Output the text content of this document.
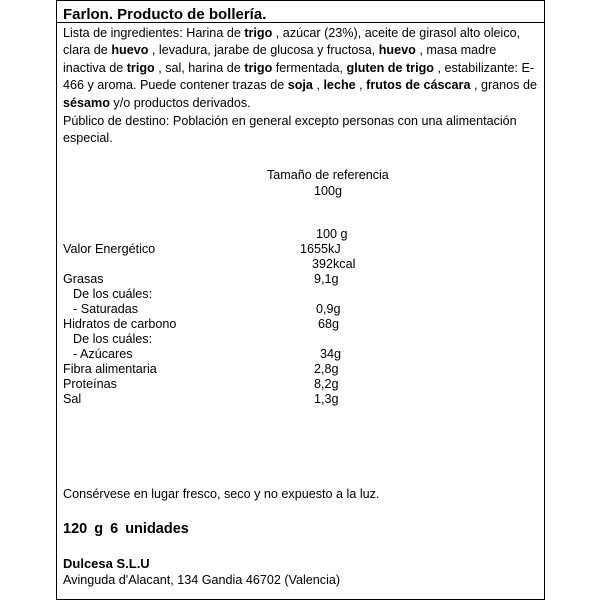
Farlon. Producto de bollería.
Lista de ingredientes: Harina de trigo , azúcar (23%), aceite de girasol alto oleico, clara de huevo , levadura, jarabe de glucosa y fructosa, huevo , masa madre inactiva de trigo , sal, harina de trigo fermentada, gluten de trigo , estabilizante: E-466 y aroma. Puede contener trazas de soja , leche , frutos de cáscara , granos de sésamo y/o productos derivados.
Público de destino: Población en general excepto personas con una alimentación especial.
Tamaño de referencia
100g
100 g
Valor Energético	1655kJ
392kcal
Grasas	9,1g
De los cuáles:
- Saturadas	0,9g
Hidratos de carbono	68g
De los cuáles:
- Azúcares	34g
Fibra alimentaria	2,8g
Proteínas	8,2g
Sal	1,3g
Consérvese en lugar fresco, seco y no expuesto a la luz.
120 g 6 unidades
Dulcesa S.L.U
Avinguda d'Alacant, 134 Gandia 46702 (Valencia)
